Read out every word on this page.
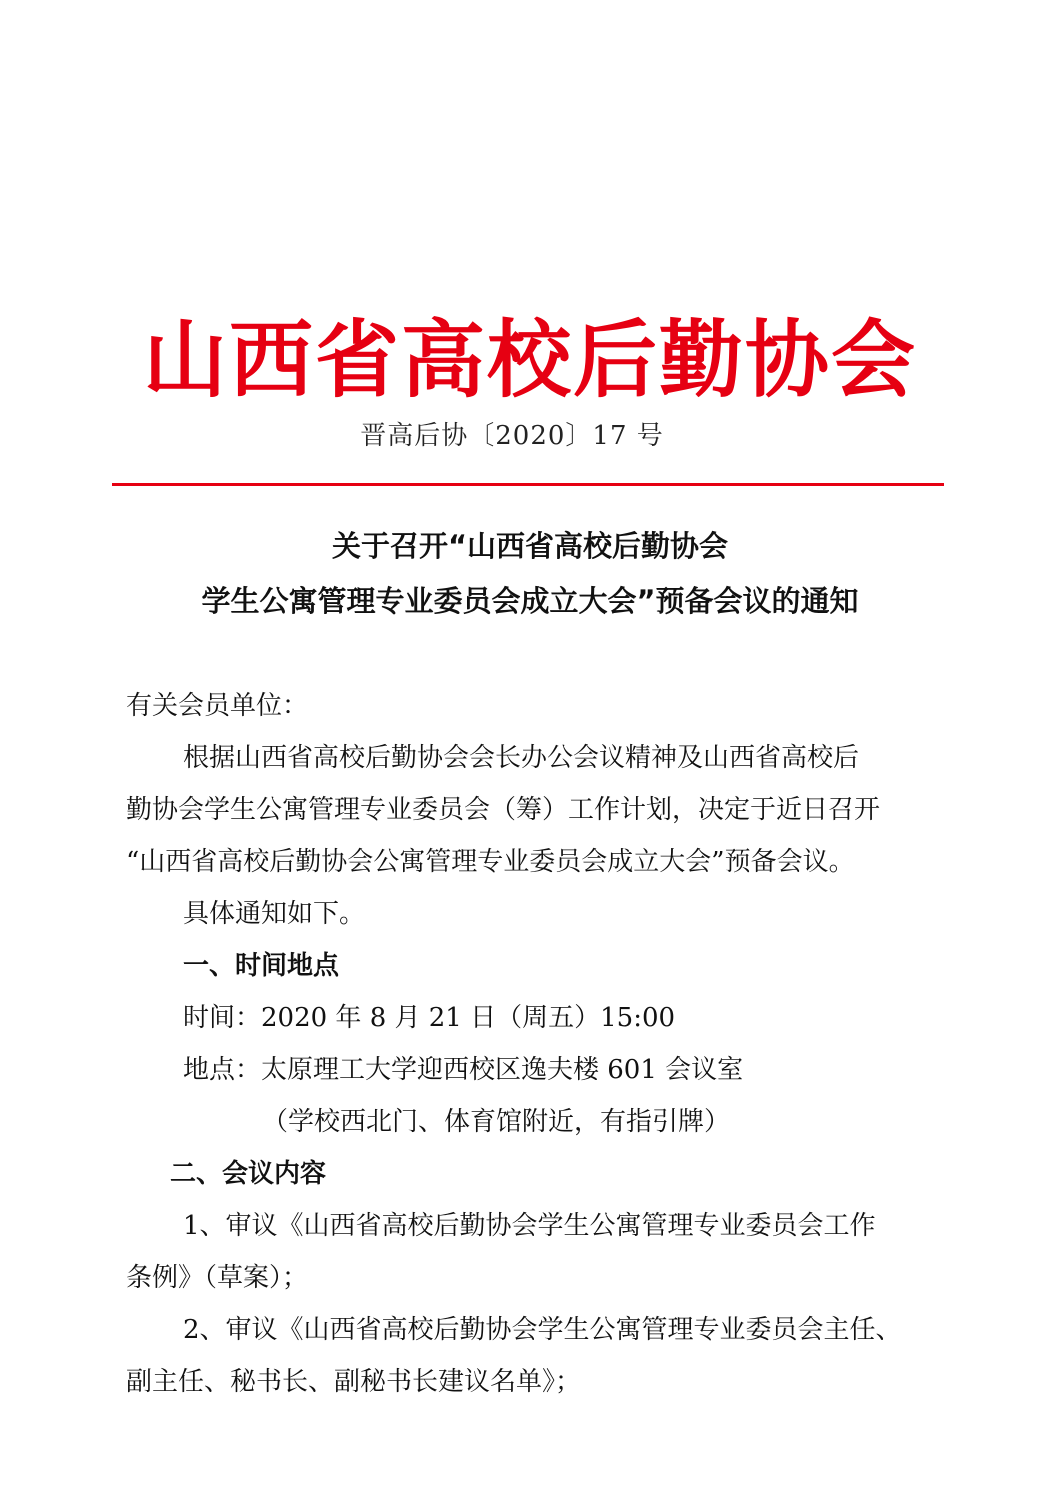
山西省高校后勤协会
晋高后协〔2020〕17 号
关于召开“山西省高校后勤协会
学生公寓管理专业委员会成立大会”预备会议的通知
有关会员单位：
根据山西省高校后勤协会会长办公会议精神及山西省高校后
勤协会学生公寓管理专业委员会（筹）工作计划，决定于近日召开
“山西省高校后勤协会公寓管理专业委员会成立大会”预备会议。
具体通知如下。
一、时间地点
时间：2020 年 8 月 21 日（周五）15:00
地点：太原理工大学迎西校区逸夫楼 601 会议室
（学校西北门、体育馆附近，有指引牌）
二、会议内容
1、审议《山西省高校后勤协会学生公寓管理专业委员会工作
条例》（草案）；
2、审议《山西省高校后勤协会学生公寓管理专业委员会主任、
副主任、秘书长、副秘书长建议名单》；
